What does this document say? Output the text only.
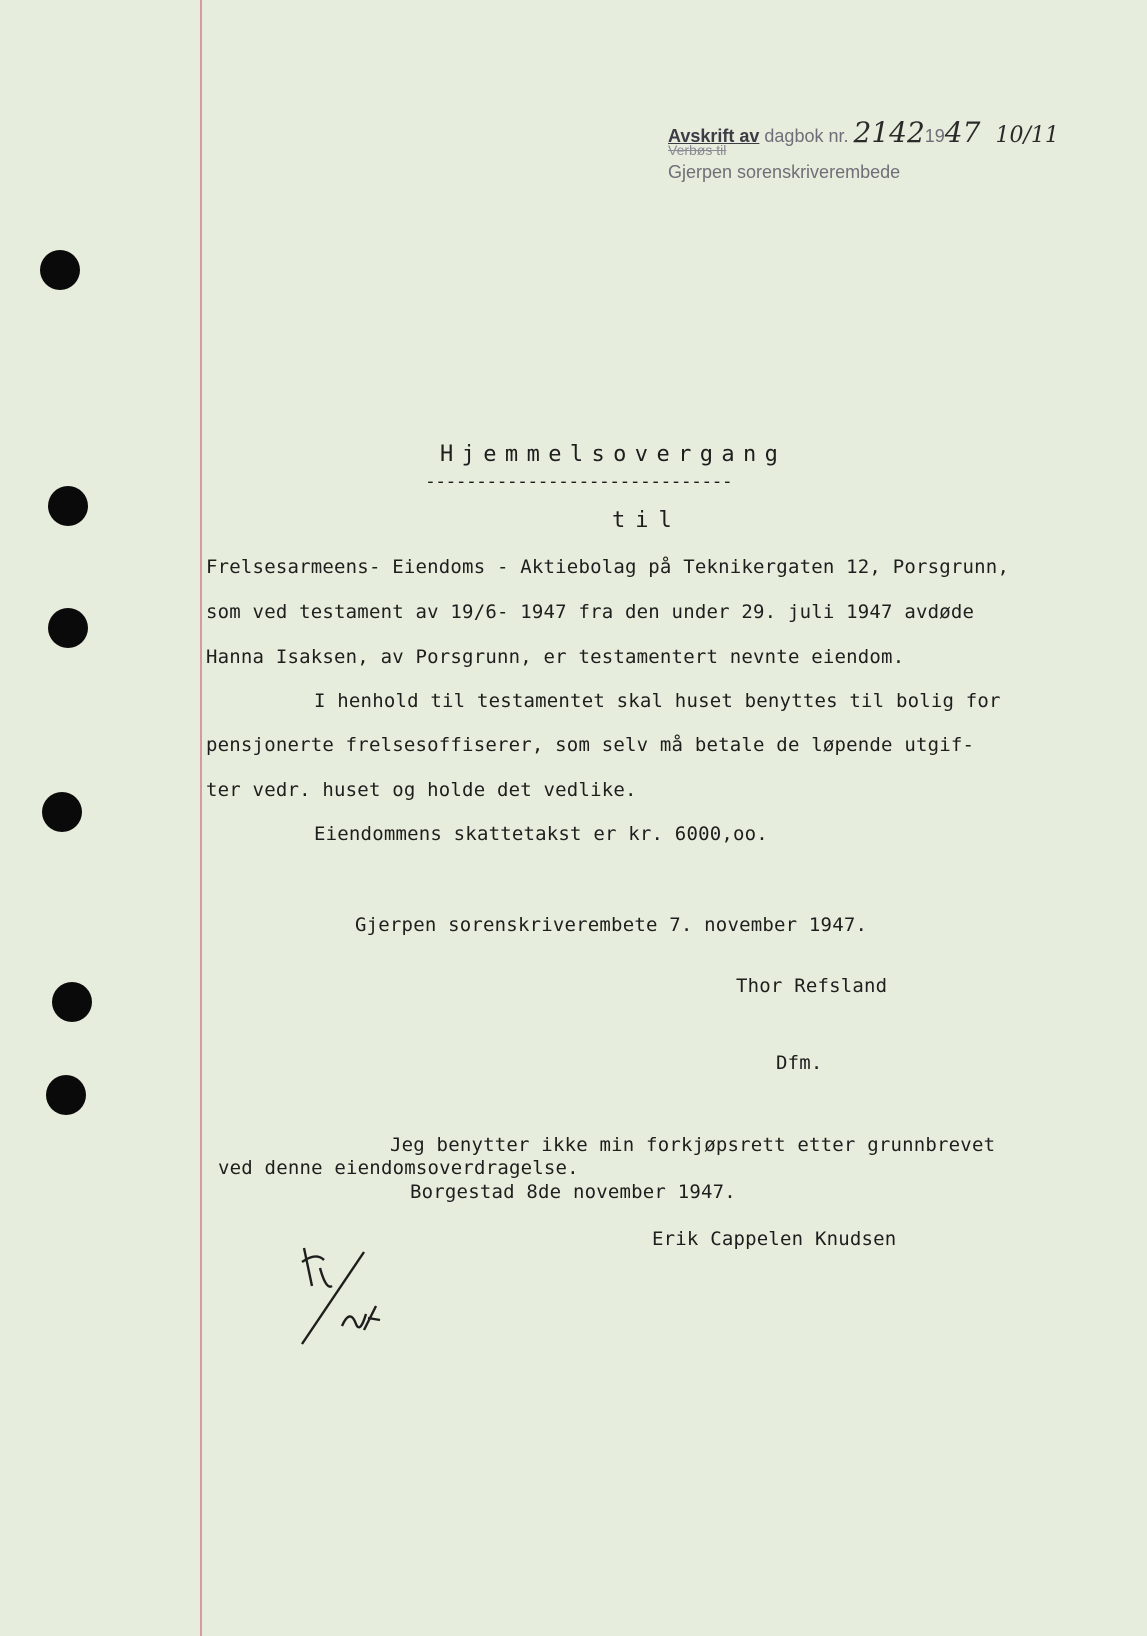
Avskrift av dagbok nr. 21421947 10/11
Verbøs til
Gjerpen sorenskriverembede
Hjemmelsovergang
------------------------------
til
Frelsesarmeens- Eiendoms - Aktiebolag på Teknikergaten 12, Porsgrunn,
som ved testament av 19/6- 1947 fra den under 29. juli 1947 avdøde
Hanna Isaksen, av Porsgrunn, er testamentert nevnte eiendom.
I henhold til testamentet skal huset benyttes til bolig for
pensjonerte frelsesoffiserer, som selv må betale de løpende utgif-
ter vedr. huset og holde det vedlike.
Eiendommens skattetakst er kr. 6000,oo.
Gjerpen sorenskriverembete 7. november 1947.
Thor Refsland
Dfm.
Jeg benytter ikke min forkjøpsrett etter grunnbrevet
ved denne eiendomsoverdragelse.
Borgestad 8de november 1947.
Erik Cappelen Knudsen
